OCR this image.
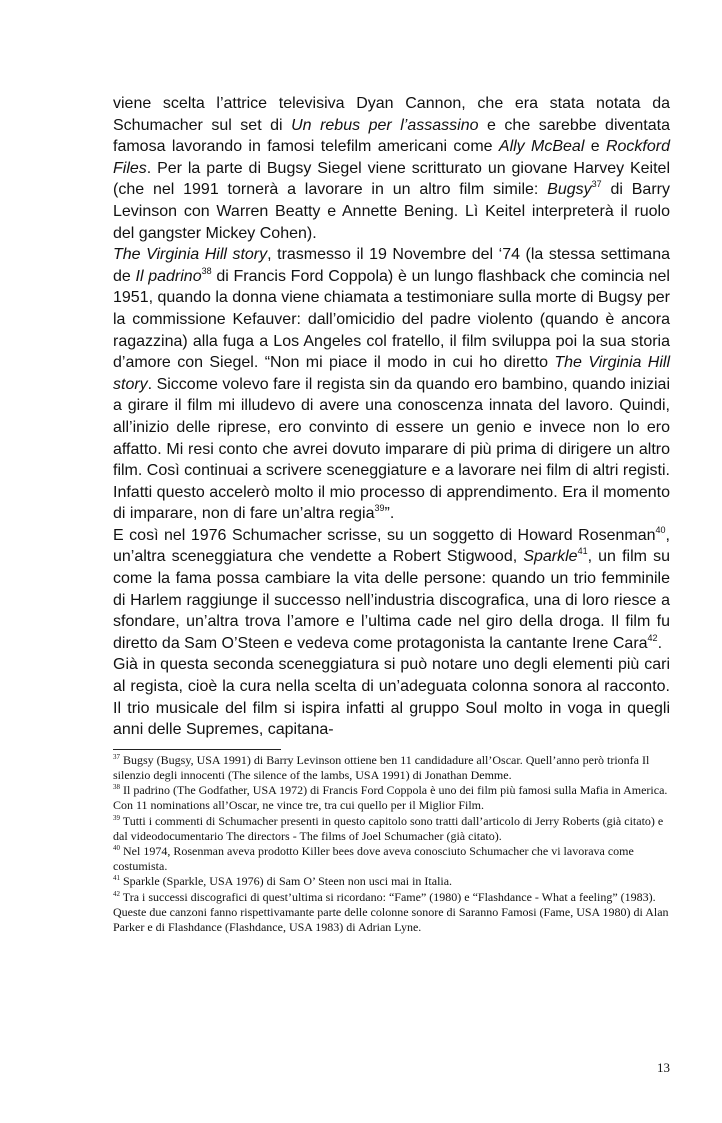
viene scelta l’attrice televisiva Dyan Cannon, che era stata notata da Schumacher sul set di Un rebus per l’assassino e che sarebbe diventata famosa lavorando in famosi telefilm americani come Ally McBeal e Rockford Files. Per la parte di Bugsy Siegel viene scritturato un giovane Harvey Keitel (che nel 1991 tornerà a lavorare in un altro film simile: Bugsy$^{37}$ di Barry Levinson con Warren Beatty e Annette Bening. Lì Keitel interpreterà il ruolo del gangster Mickey Cohen).

The Virginia Hill story, trasmesso il 19 Novembre del ‘74 (la stessa settimana de Il padrino$^{38}$ di Francis Ford Coppola) è un lungo flashback che comincia nel 1951, quando la donna viene chiamata a testimoniare sulla morte di Bugsy per la commissione Kefauver: dall’omicidio del padre violento (quando è ancora ragazzina) alla fuga a Los Angeles col fratello, il film sviluppa poi la sua storia d’amore con Siegel. “Non mi piace il modo in cui ho diretto The Virginia Hill story. Siccome volevo fare il regista sin da quando ero bambino, quando iniziai a girare il film mi illudevo di avere una conoscenza innata del lavoro. Quindi, all’inizio delle riprese, ero convinto di essere un genio e invece non lo ero affatto. Mi resi conto che avrei dovuto imparare di più prima di dirigere un altro film. Così continuai a scrivere sceneggiature e a lavorare nei film di altri registi. Infatti questo accelerò molto il mio processo di apprendimento. Era il momento di imparare, non di fare un’altra regia$^{39}$”.

E così nel 1976 Schumacher scrisse, su un soggetto di Howard Rosenman$^{40}$, un’altra sceneggiatura che vendette a Robert Stigwood, Sparkle$^{41}$, un film su come la fama possa cambiare la vita delle persone: quando un trio femminile di Harlem raggiunge il successo nell’industria discografica, una di loro riesce a sfondare, un’altra trova l’amore e l’ultima cade nel giro della droga. Il film fu diretto da Sam O’Steen e vedeva come protagonista la cantante Irene Cara$^{42}$.

Già in questa seconda sceneggiatura si può notare uno degli elementi più cari al regista, cioè la cura nella scelta di un’adeguata colonna sonora al racconto. Il trio musicale del film si ispira infatti al gruppo Soul molto in voga in quegli anni delle Supremes, capitana-

$^{37}$ Bugsy (Bugsy, USA 1991) di Barry Levinson ottiene ben 11 candidadure all’Oscar. Quell’anno però trionfa Il silenzio degli innocenti (The silence of the lambs, USA 1991) di Jonathan Demme.

$^{38}$ Il padrino (The Godfather, USA 1972) di Francis Ford Coppola è uno dei film più famosi sulla Mafia in America. Con 11 nominations all’Oscar, ne vince tre, tra cui quello per il Miglior Film.

$^{39}$ Tutti i commenti di Schumacher presenti in questo capitolo sono tratti dall’articolo di Jerry Roberts (già citato) e dal videodocumentario The directors - The films of Joel Schumacher (già citato).

$^{40}$ Nel 1974, Rosenman aveva prodotto Killer bees dove aveva conosciuto Schumacher che vi lavorava come costumista.

$^{41}$ Sparkle (Sparkle, USA 1976) di Sam O’ Steen non usci mai in Italia.

$^{42}$ Tra i successi discografici di quest’ultima si ricordano: “Fame” (1980) e “Flashdance - What a feeling” (1983). Queste due canzoni fanno rispettivamante parte delle colonne sonore di Saranno Famosi (Fame, USA 1980) di Alan Parker e di Flashdance (Flashdance, USA 1983) di Adrian Lyne.

13
